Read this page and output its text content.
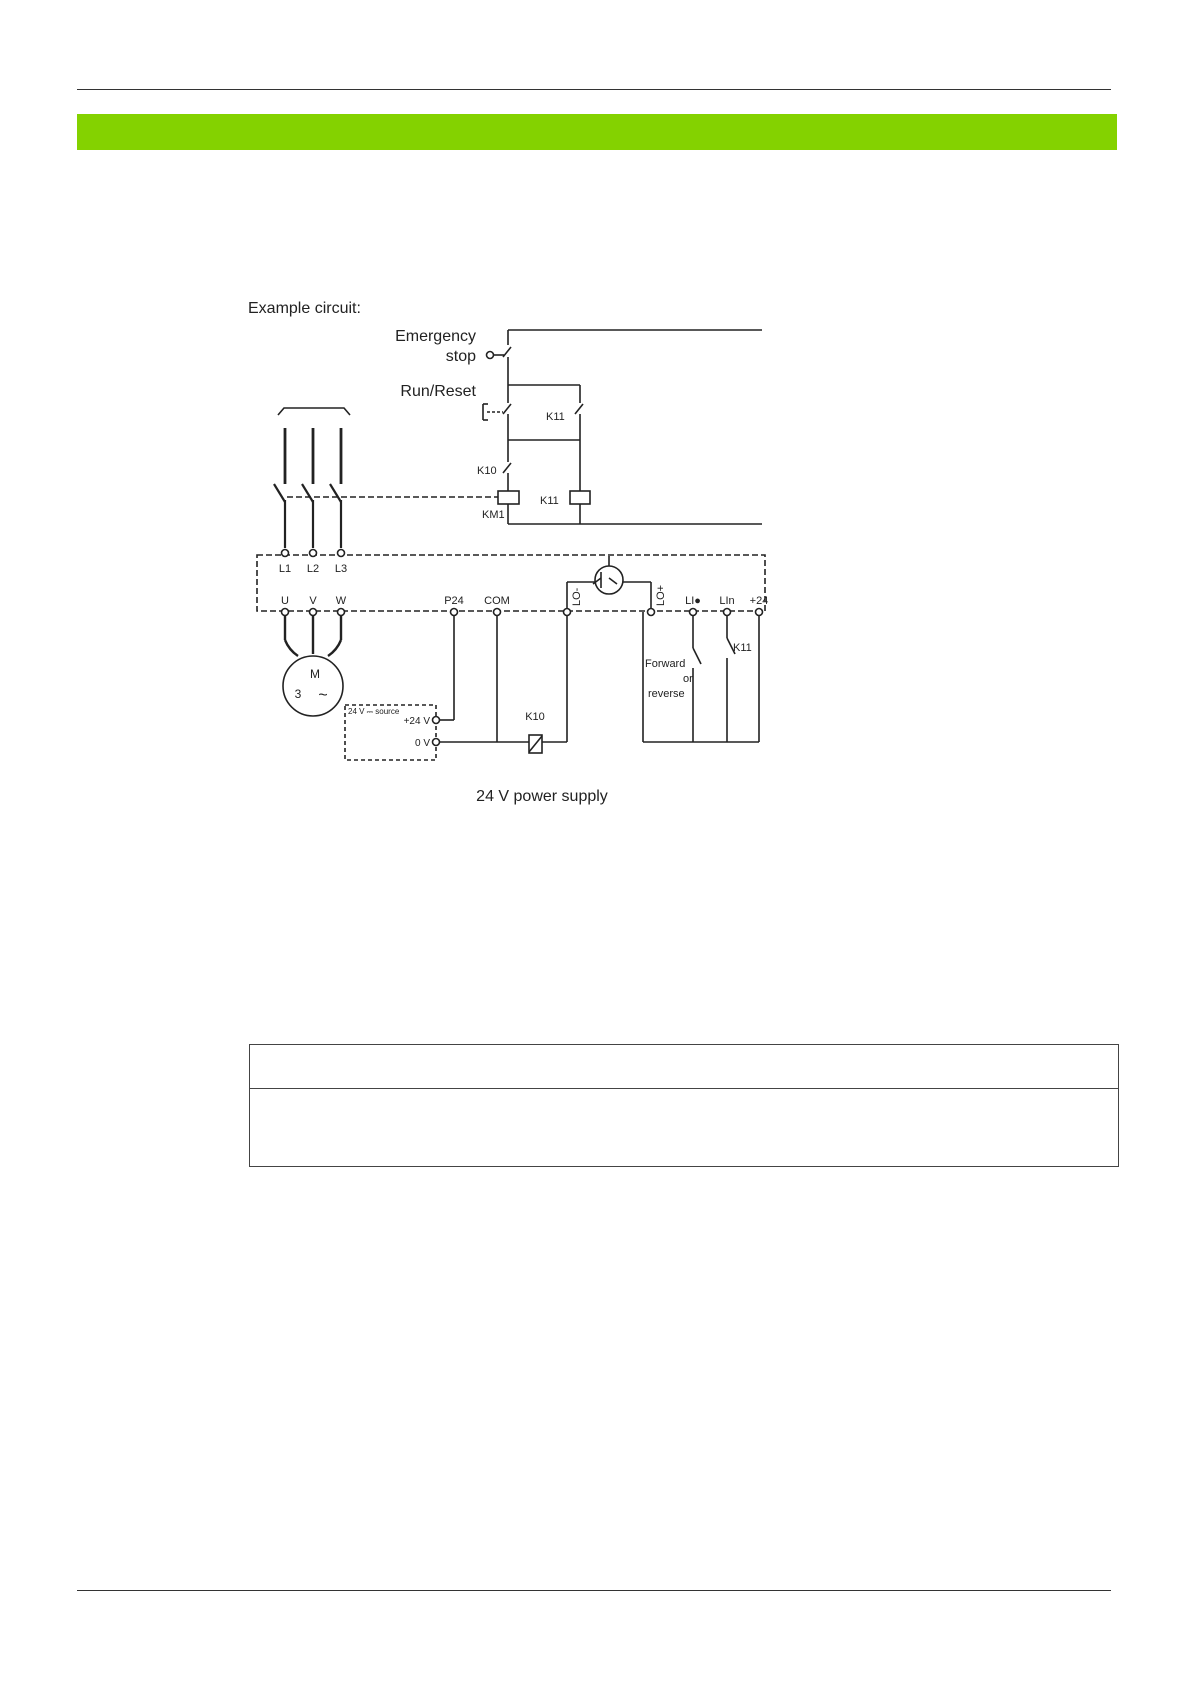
Example circuit:
Emergency
stop
Run/Reset
K11
K10
K11
KM1
L1 L2 L3
U V W	P24 COM	LO-	LO+ LI● LIn +24
M
3 ~
24 V ⎓ source
+24 V
0 V
K10
Forward
or
reverse
K11
24 V power supply
